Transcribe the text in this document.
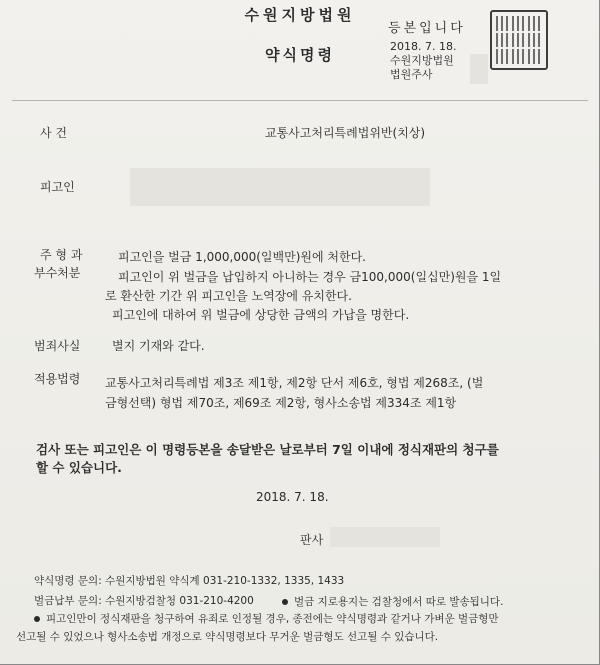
수원지방법원
약식명령
등본입니다
2018. 7. 18.
수원지방법원
법원주사
사 건	교통사고처리특례법위반(치상)
피고인
주 형 과
부수처분
피고인을 벌금 1,000,000(일백만)원에 처한다.
피고인이 위 벌금을 납입하지 아니하는 경우 금100,000(일십만)원을 1일
로 환산한 기간 위 피고인을 노역장에 유치한다.
피고인에 대하여 위 벌금에 상당한 금액의 가납을 명한다.
범죄사실	별지 기재와 같다.
적용법령 교통사고처리특례법 제3조 제1항, 제2항 단서 제6호, 형법 제268조, (벌
금형선택) 형법 제70조, 제69조 제2항, 형사소송법 제334조 제1항
검사 또는 피고인은 이 명령등본을 송달받은 날로부터 7일 이내에 정식재판의 청구를
할 수 있습니다.
2018. 7. 18.
판사
약식명령 문의: 수원지방법원 약식계 031-210-1332, 1335, 1433
벌금납부 문의: 수원지방검찰청 031-210-4200	벌금 지로용지는 검찰청에서 따로 발송됩니다.
피고인만이 정식재판을 청구하여 유죄로 인정될 경우, 종전에는 약식명령과 같거나 가벼운 벌금형만
선고될 수 있었으나 형사소송법 개정으로 약식명령보다 무거운 벌금형도 선고될 수 있습니다.
